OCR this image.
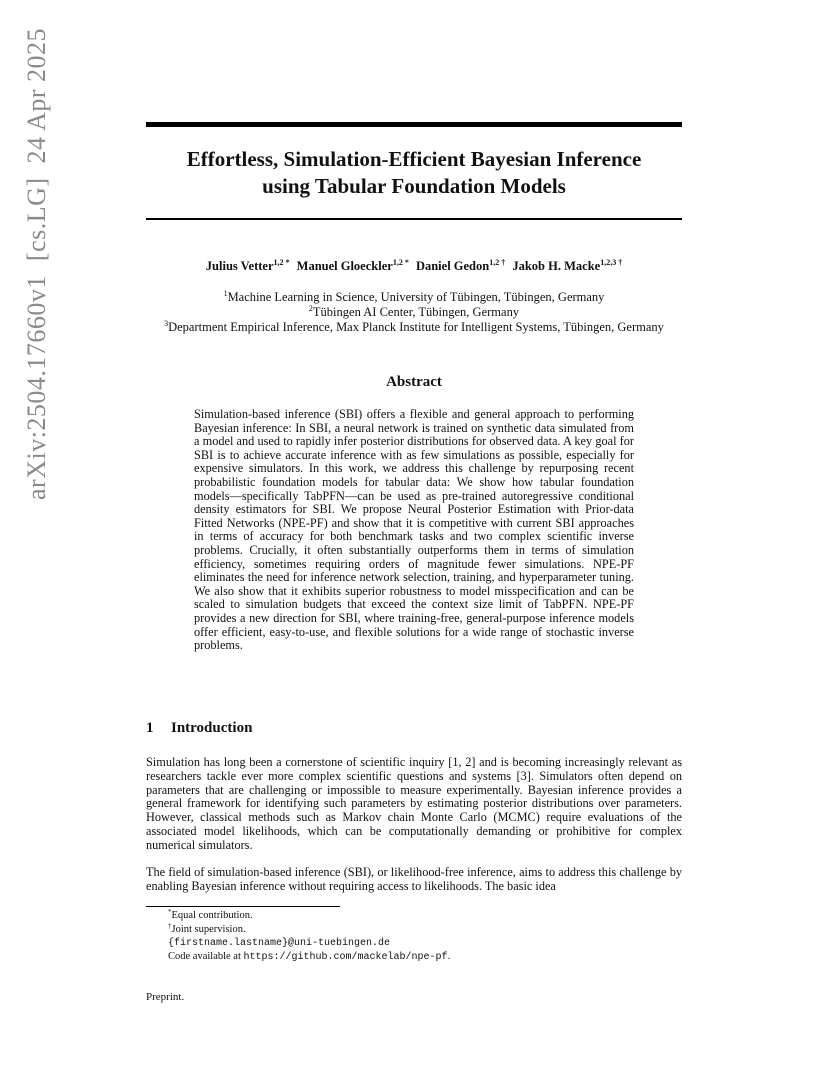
arXiv:2504.17660v1[cs.LG]24 Apr 2025	Effortless, Simulation-Efficient Bayesian Inference
using Tabular Foundation Models
Julius Vetter$^{1,2 *}$ Manuel Gloeckler$^{1,2 *}$ Daniel Gedon$^{1,2 \dagger}$ Jakob H. Macke$^{1,2,3 \dagger}$
$^1$Machine Learning in Science, University of Tübingen, Tübingen, Germany
$^2$Tübingen AI Center, Tübingen, Germany
$^3$Department Empirical Inference, Max Planck Institute for Intelligent Systems, Tübingen, Germany
Abstract
Simulation-based inference (SBI) offers a flexible and general approach to performing Bayesian inference: In SBI, a neural network is trained on synthetic data simulated from a model and used to rapidly infer posterior distributions for observed data. A key goal for SBI is to achieve accurate inference with as few simulations as possible, especially for expensive simulators. In this work, we address this challenge by repurposing recent probabilistic foundation models for tabular data: We show how tabular foundation models—specifically TabPFN—can be used as pre-trained autoregressive conditional density estimators for SBI. We propose Neural Posterior Estimation with Prior-data Fitted Networks (NPE-PF) and show that it is competitive with current SBI approaches in terms of accuracy for both benchmark tasks and two complex scientific inverse problems. Crucially, it often substantially outperforms them in terms of simulation efficiency, sometimes requiring orders of magnitude fewer simulations. NPE-PF eliminates the need for inference network selection, training, and hyperparameter tuning. We also show that it exhibits superior robustness to model misspecification and can be scaled to simulation budgets that exceed the context size limit of TabPFN. NPE-PF provides a new direction for SBI, where training-free, general-purpose inference models offer efficient, easy-to-use, and flexible solutions for a wide range of stochastic inverse problems.
1 Introduction
Simulation has long been a cornerstone of scientific inquiry [1, 2] and is becoming increasingly relevant as researchers tackle ever more complex scientific questions and systems [3]. Simulators often depend on parameters that are challenging or impossible to measure experimentally. Bayesian inference provides a general framework for identifying such parameters by estimating posterior distributions over parameters. However, classical methods such as Markov chain Monte Carlo (MCMC) require evaluations of the associated model likelihoods, which can be computationally demanding or prohibitive for complex numerical simulators.
The field of simulation-based inference (SBI), or likelihood-free inference, aims to address this challenge by enabling Bayesian inference without requiring access to likelihoods. The basic idea
*Equal contribution.
†Joint supervision.
{firstname.lastname}@uni-tuebingen.de
Code available at https://github.com/mackelab/npe-pf.
Preprint.
